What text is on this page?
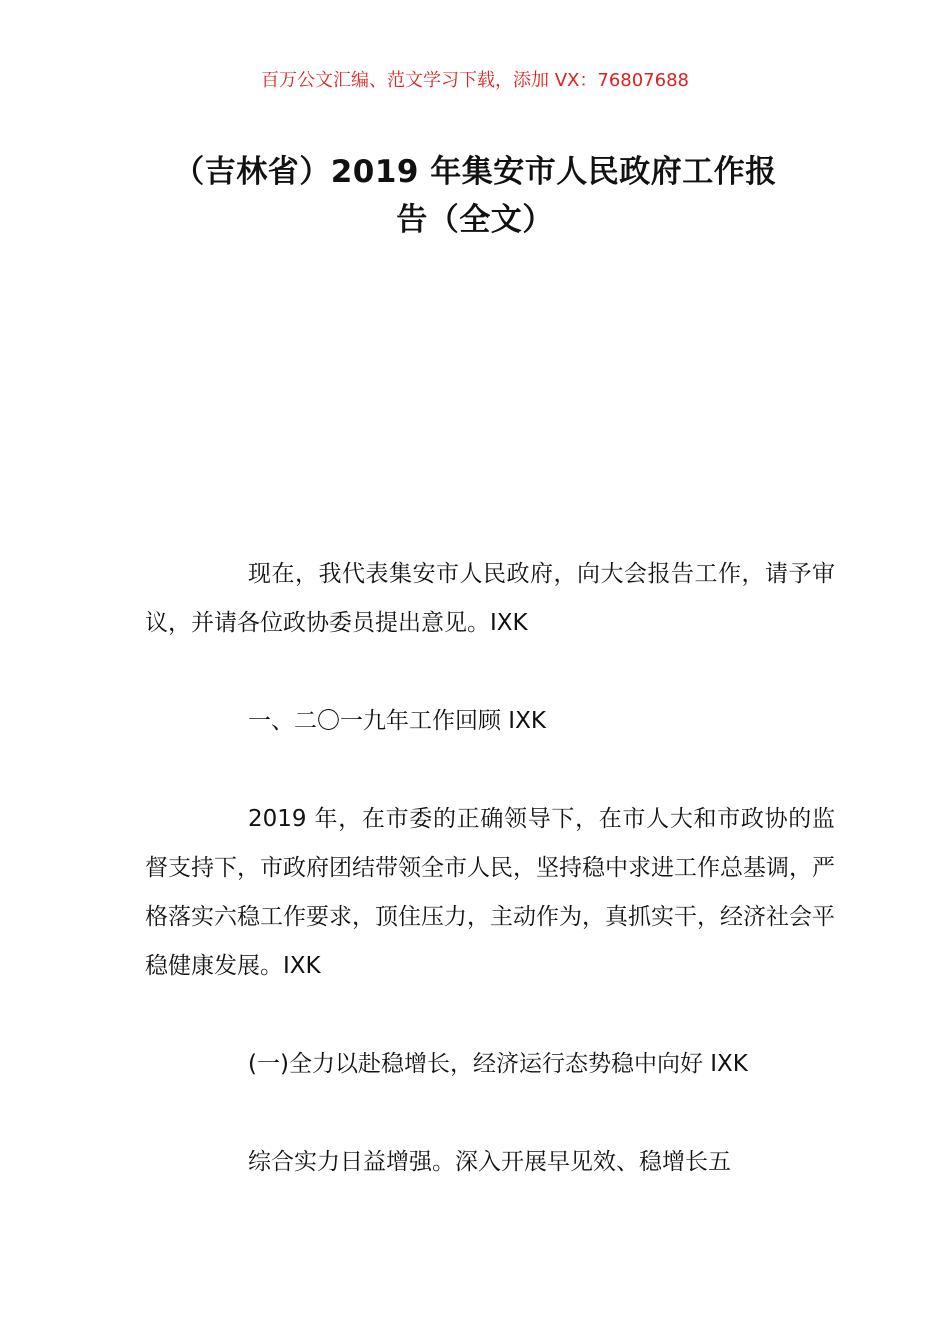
百万公文汇编、范文学习下载，添加 VX：76807688
（吉林省）2019 年集安市人民政府工作报
告（全文）

现在，我代表集安市人民政府，向大会报告工作，请予审议，并请各位政协委员提出意见。IXK

一、二〇一九年工作回顾 IXK

2019 年，在市委的正确领导下，在市人大和市政协的监督支持下，市政府团结带领全市人民，坚持稳中求进工作总基调，严格落实六稳工作要求，顶住压力，主动作为，真抓实干，经济社会平稳健康发展。IXK

(一)全力以赴稳增长，经济运行态势稳中向好 IXK

综合实力日益增强。深入开展早见效、稳增长五
